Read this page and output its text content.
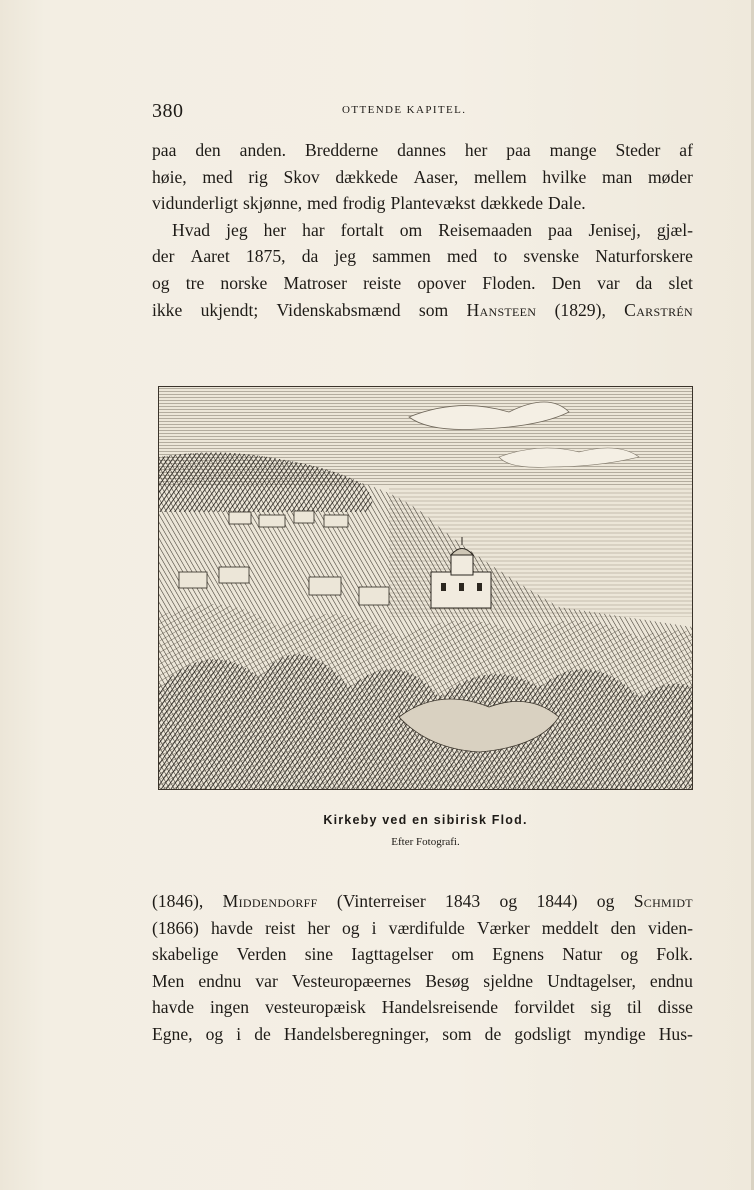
380	OTTENDE KAPITEL.
paa den anden. Bredderne dannes her paa mange Steder af
høie, med rig Skov dækkede Aaser, mellem hvilke man møder
vidunderligt skjønne, med frodig Plantevækst dækkede Dale.
Hvad jeg her har fortalt om Reisemaaden paa Jenisej, gjæl-
der Aaret 1875, da jeg sammen med to svenske Naturforskere
og tre norske Matroser reiste opover Floden. Den var da slet
ikke ukjendt; Videnskabsmænd som Hansteen (1829), Carstrén
Kirkeby ved en sibirisk Flod.
Efter Fotografi.
(1846), Middendorff (Vinterreiser 1843 og 1844) og Schmidt
(1866) havde reist her og i værdifulde Værker meddelt den viden-
skabelige Verden sine Iagttagelser om Egnens Natur og Folk.
Men endnu var Vesteuropæernes Besøg sjeldne Undtagelser, endnu
havde ingen vesteuropæisk Handelsreisende forvildet sig til disse
Egne, og i de Handelsberegninger, som de godsligt myndige Hus-
